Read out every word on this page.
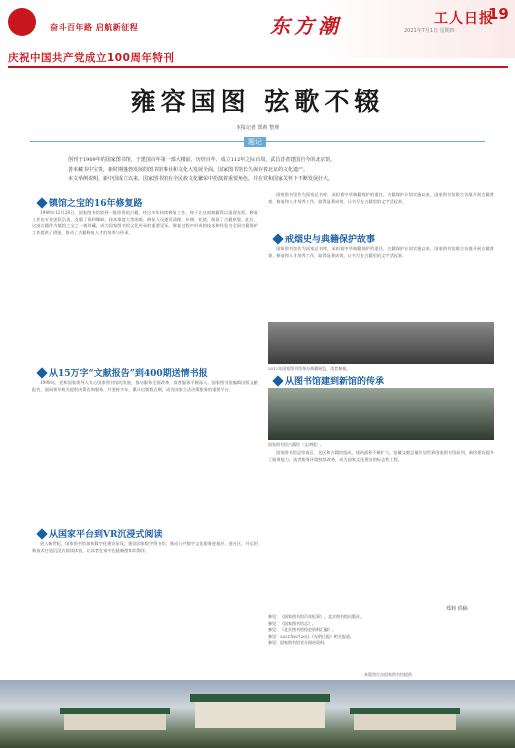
奋斗百年路 启航新征程	东方潮	工人日报
19
2021年7月1日 星期四
庆祝中国共产党成立100周年特刊
雍容国图 弦歌不辍
本报记者 郑莉 整理
题记

创刊于1909年的国家图书馆，于建国百年第一部大楼前，历经百年，成立112年之际百周，武昌昔者建国自今的北京馆。

善本藏书中宝贵，新时期蓬勃发展的图书馆事业和文化大发展全面，国家图书馆长久保存着北京的文化遗产。

本文举例说明，新中国成立以来，国家图书馆在全民族文化繁荣中扮演着重要角色，并在党和国家关怀下不断发展壮大。

镇馆之宝的16年修复路
1949年12月28日，国家图书馆收到一批珍贵的古籍，经过多年持续修复工作，终于让这部典籍得以重现光彩。修复工作由专业团队负责，克服了资料稀缺、技术难度大等困难。修复人员逐页清理、补缀、托裱，保留了古籍原貌。此后，这部古籍作为镇馆之宝之一被珍藏，成为国家图书馆文化传承的重要见证。修复过程中形成的技术和经验为全国古籍保护工作提供了借鉴，推动了古籍修复人才的培养与传承。
从15万字“文献报告”到400期送情书报
1998年，党和国家领导人关心国家图书馆的发展，推动服务全面改革，读者服务不断深入。国家图书馆编辑出版文献报告，面向领导机关提供决策咨询服务，并坚持多年，累计出版数百期，成为国家立法决策服务的重要平台。
从国家平台到VR沉浸式阅读
进入新世纪，国家图书馆加快数字化建设步伐，建设国家数字图书馆，推动公共数字文化服务进基层、进社区，并运用新技术打造沉浸式阅读体验，让读者在家中也能畅游知识海洋。
国家图书馆作为国家总书库，承担着中华典籍保护的重任。古籍保护计划实施以来，国家图书馆联合各地开展古籍普查、修复和人才培养工作，取得显著成效，让书写在古籍里的文字活起来。
戒烟史与典籍保护故事
国家图书馆作为国家总书库，承担着中华典籍保护的重任。古籍保护计划实施以来，国家图书馆联合各地开展古籍普查、修复和人才培养工作，取得显著成效，让书写在古籍里的文字活起来。
2012年国家图书馆举办典籍展览，读者参观。
从图书馆建到新馆的传承
国家图书馆古籍馆（文津楼）。
国家图书馆总馆南区、北区和古籍馆组成，建筑面积不断扩大，馆藏文献总量位居世界国家图书馆前列。新馆建设提升了服务能力，读者服务环境持续改善，成为国家文化建设的标志性工程。
郑莉 供稿
参见：《国家图书馆百年纪事》，北京图书馆出版社。
参见：《国家图书馆志》。
参见：《北京图书馆馆史资料汇编》。
参见：2021年6月20日《光明日报》相关报道。
参见：国家图书馆官方网站资料。
本版图片由国家图书馆提供
